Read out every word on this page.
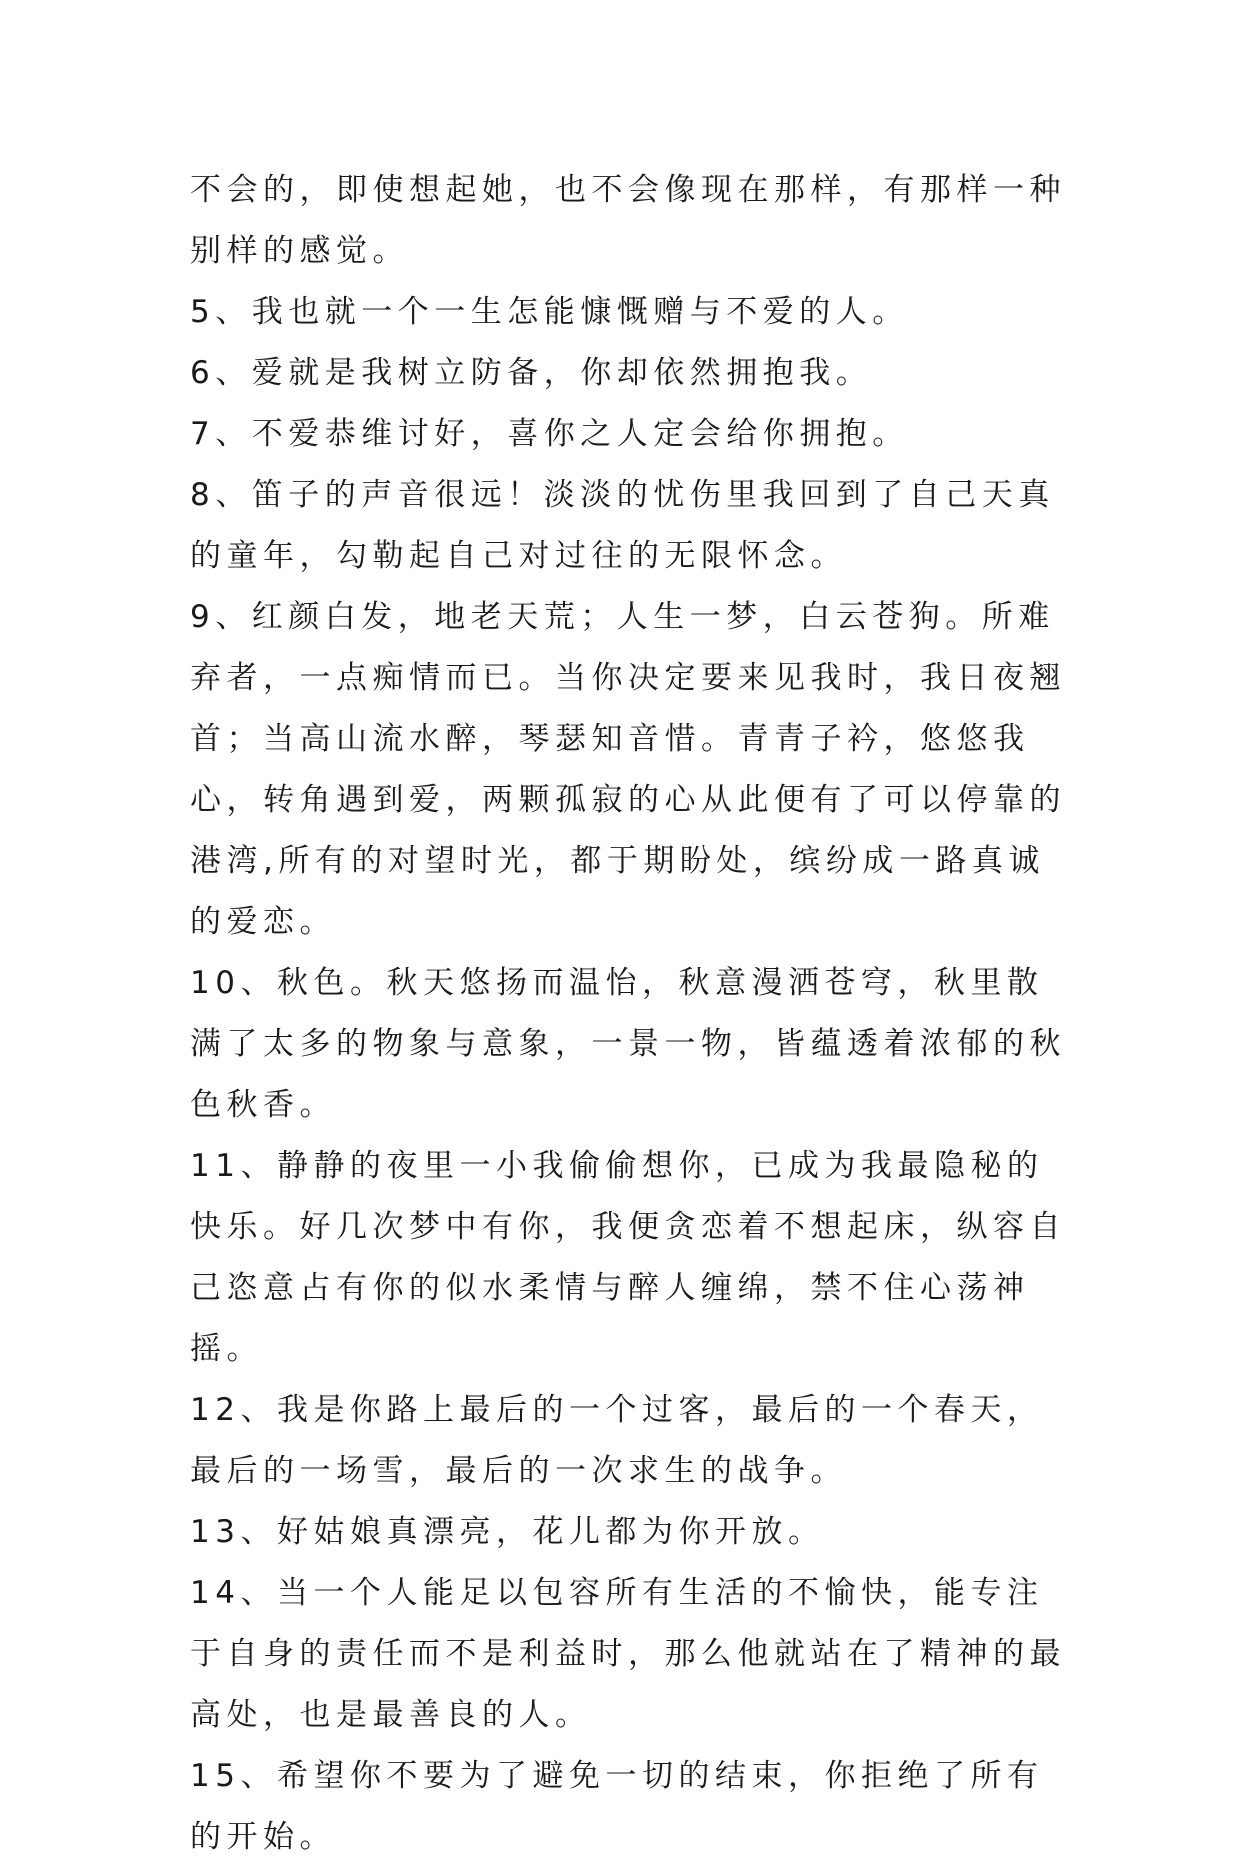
不会的，即使想起她，也不会像现在那样，有那样一种别样的感觉。

5、我也就一个一生怎能慷慨赠与不爱的人。

6、爱就是我树立防备，你却依然拥抱我。

7、不爱恭维讨好，喜你之人定会给你拥抱。

8、笛子的声音很远！淡淡的忧伤里我回到了自己天真的童年，勾勒起自己对过往的无限怀念。

9、红颜白发，地老天荒；人生一梦，白云苍狗。所难弃者，一点痴情而已。当你决定要来见我时，我日夜翘首；当高山流水醉，琴瑟知音惜。青青子衿，悠悠我心，转角遇到爱，两颗孤寂的心从此便有了可以停靠的港湾,所有的对望时光，都于期盼处，缤纷成一路真诚的爱恋。

10、秋色。秋天悠扬而温怡，秋意漫洒苍穹，秋里散满了太多的物象与意象，一景一物，皆蕴透着浓郁的秋色秋香。

11、静静的夜里一小我偷偷想你，已成为我最隐秘的快乐。好几次梦中有你，我便贪恋着不想起床，纵容自己恣意占有你的似水柔情与醉人缠绵，禁不住心荡神摇。

12、我是你路上最后的一个过客，最后的一个春天，最后的一场雪，最后的一次求生的战争。

13、好姑娘真漂亮，花儿都为你开放。

14、当一个人能足以包容所有生活的不愉快，能专注于自身的责任而不是利益时，那么他就站在了精神的最高处，也是最善良的人。

15、希望你不要为了避免一切的结束，你拒绝了所有的开始。
